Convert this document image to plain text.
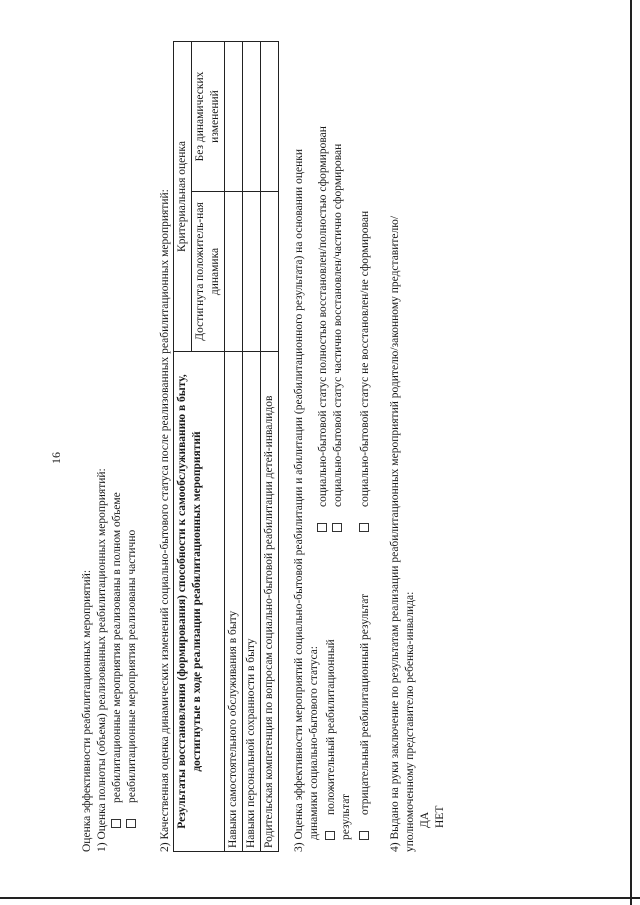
16
Оценка эффективности реабилитационных мероприятий: 1) Оценка полноты (объема) реализованных реабилитационных мероприятий: реабилитационные мероприятия реализованы в полном объеме реабилитационные мероприятия реализованы частично 2) Качественная оценка динамических изменений социально-бытового статуса после реализованных реабилитационных мероприятий: Результаты восстановления (формирования) способности к самообслуживанию в быту, достигнутые в ходе реализации реабилитационных мероприятий	Критериальная оценка	
	Достигнута положитель-ная динамика	Без динамических изменений
Навыки самостоятельного обслуживания в быту		
Навыки персональной сохранности в быту		
Родительская компетенция по вопросам социально-бытовой реабилитации детей-инвалидов		3) Оценка эффективности мероприятий социально-бытовой реабилитации и абилитации (реабилитационного результата) на основании оценки динамики социально-бытового статуса: положительный реабилитационный
результат
социально-бытовой статус полностью восстановлен/полностью сформирован социально-бытовой статус частично восстановлен/частично сформирован
отрицательный реабилитационный результат
социально-бытовой статус не восстановлен/не сформирован 4) Выдано на руки заключение по результатам реализации реабилитационных мероприятий родителю/законному представителю/ уполномоченному представителю ребенка-инвалида: ДА НЕТ
